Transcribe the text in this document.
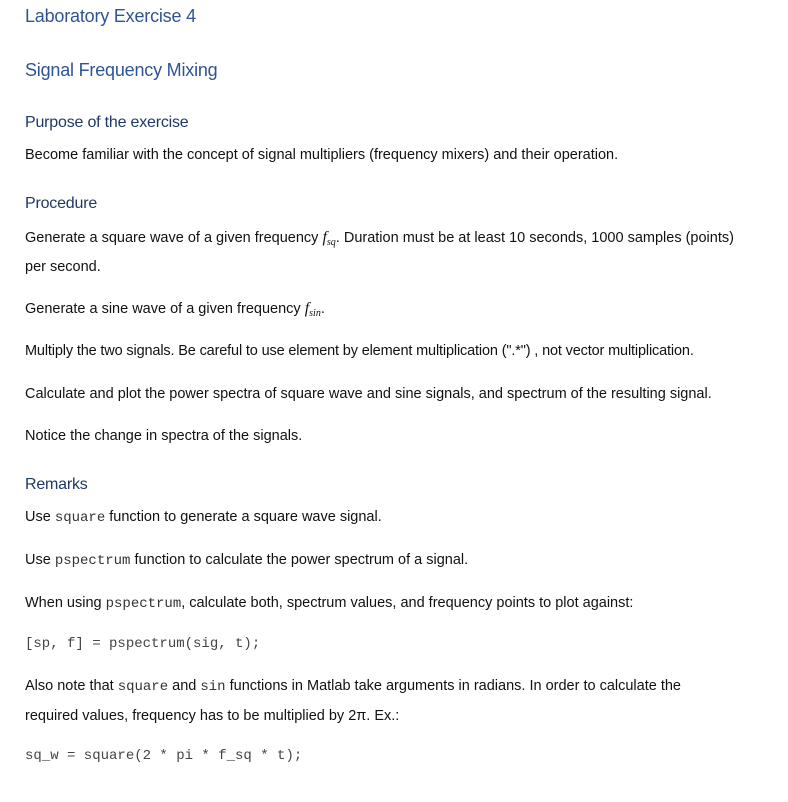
Laboratory Exercise 4
Signal Frequency Mixing
Purpose of the exercise
Become familiar with the concept of signal multipliers (frequency mixers) and their operation.
Procedure
Generate a square wave of a given frequency $f_{sq}$. Duration must be at least 10 seconds, 1000 samples (points)
per second.
Generate a sine wave of a given frequency $f_{sin}$.
Multiply the two signals. Be careful to use element by element multiplication (".*") , not vector multiplication.
Calculate and plot the power spectra of square wave and sine signals, and spectrum of the resulting signal.
Notice the change in spectra of the signals.
Remarks
Use square function to generate a square wave signal.
Use pspectrum function to calculate the power spectrum of a signal.
When using pspectrum, calculate both, spectrum values, and frequency points to plot against:
[sp, f] = pspectrum(sig, t);
Also note that square and sin functions in Matlab take arguments in radians. In order to calculate the
required values, frequency has to be multiplied by 2π. Ex.:
sq_w = square(2 * pi * f_sq * t);
